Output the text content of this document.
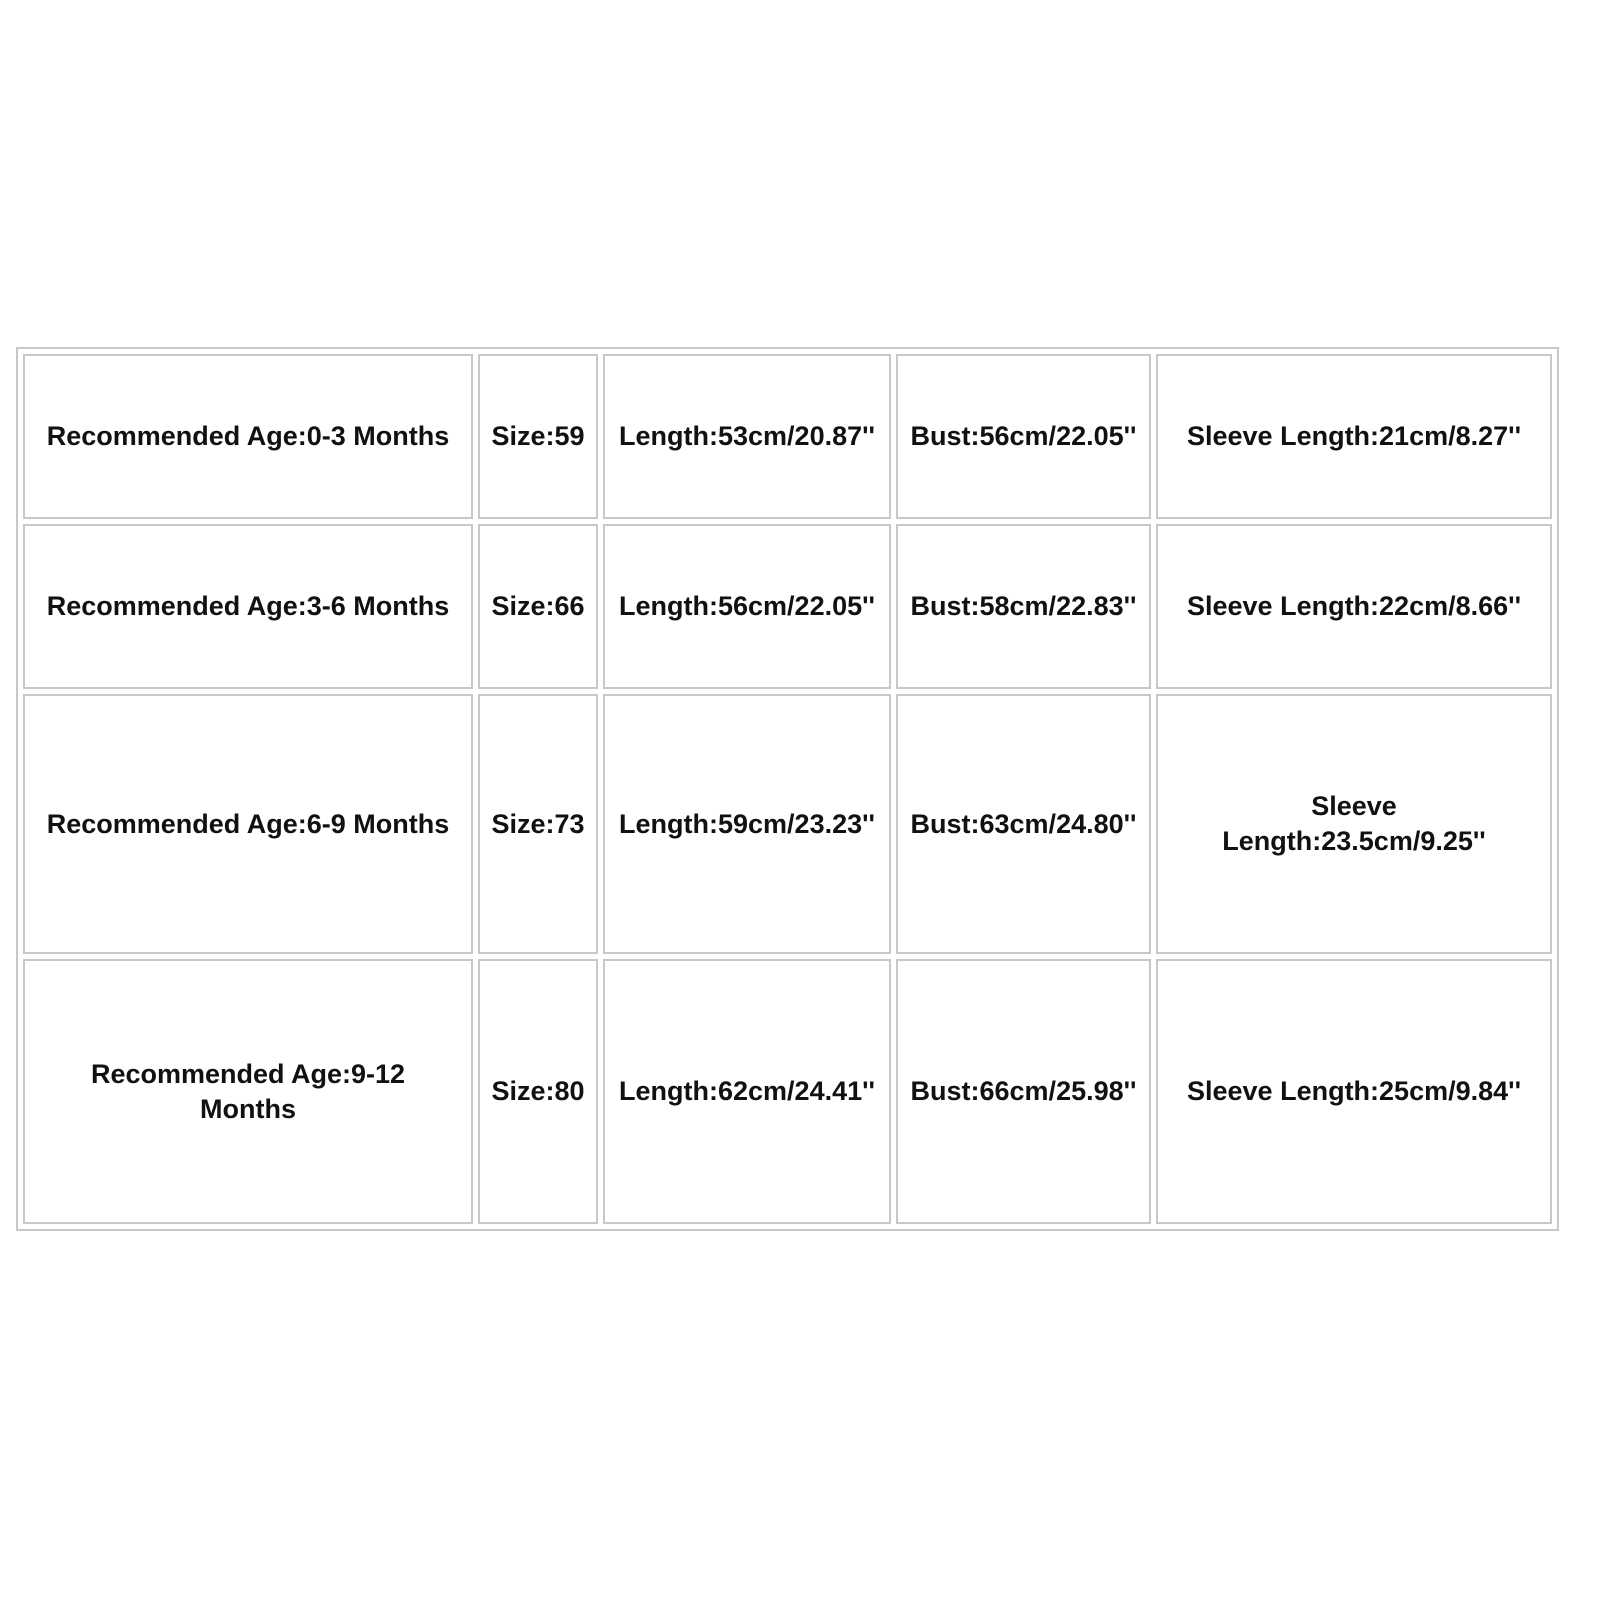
Recommended Age:0-3 Months	Size:59	Length:53cm/20.87''	Bust:56cm/22.05''	Sleeve Length:21cm/8.27''
Recommended Age:3-6 Months	Size:66	Length:56cm/22.05''	Bust:58cm/22.83''	Sleeve Length:22cm/8.66''
Recommended Age:6-9 Months	Size:73	Length:59cm/23.23''	Bust:63cm/24.80''	Sleeve Length:23.5cm/9.25''
Recommended Age:9-12 Months	Size:80	Length:62cm/24.41''	Bust:66cm/25.98''	Sleeve Length:25cm/9.84''
